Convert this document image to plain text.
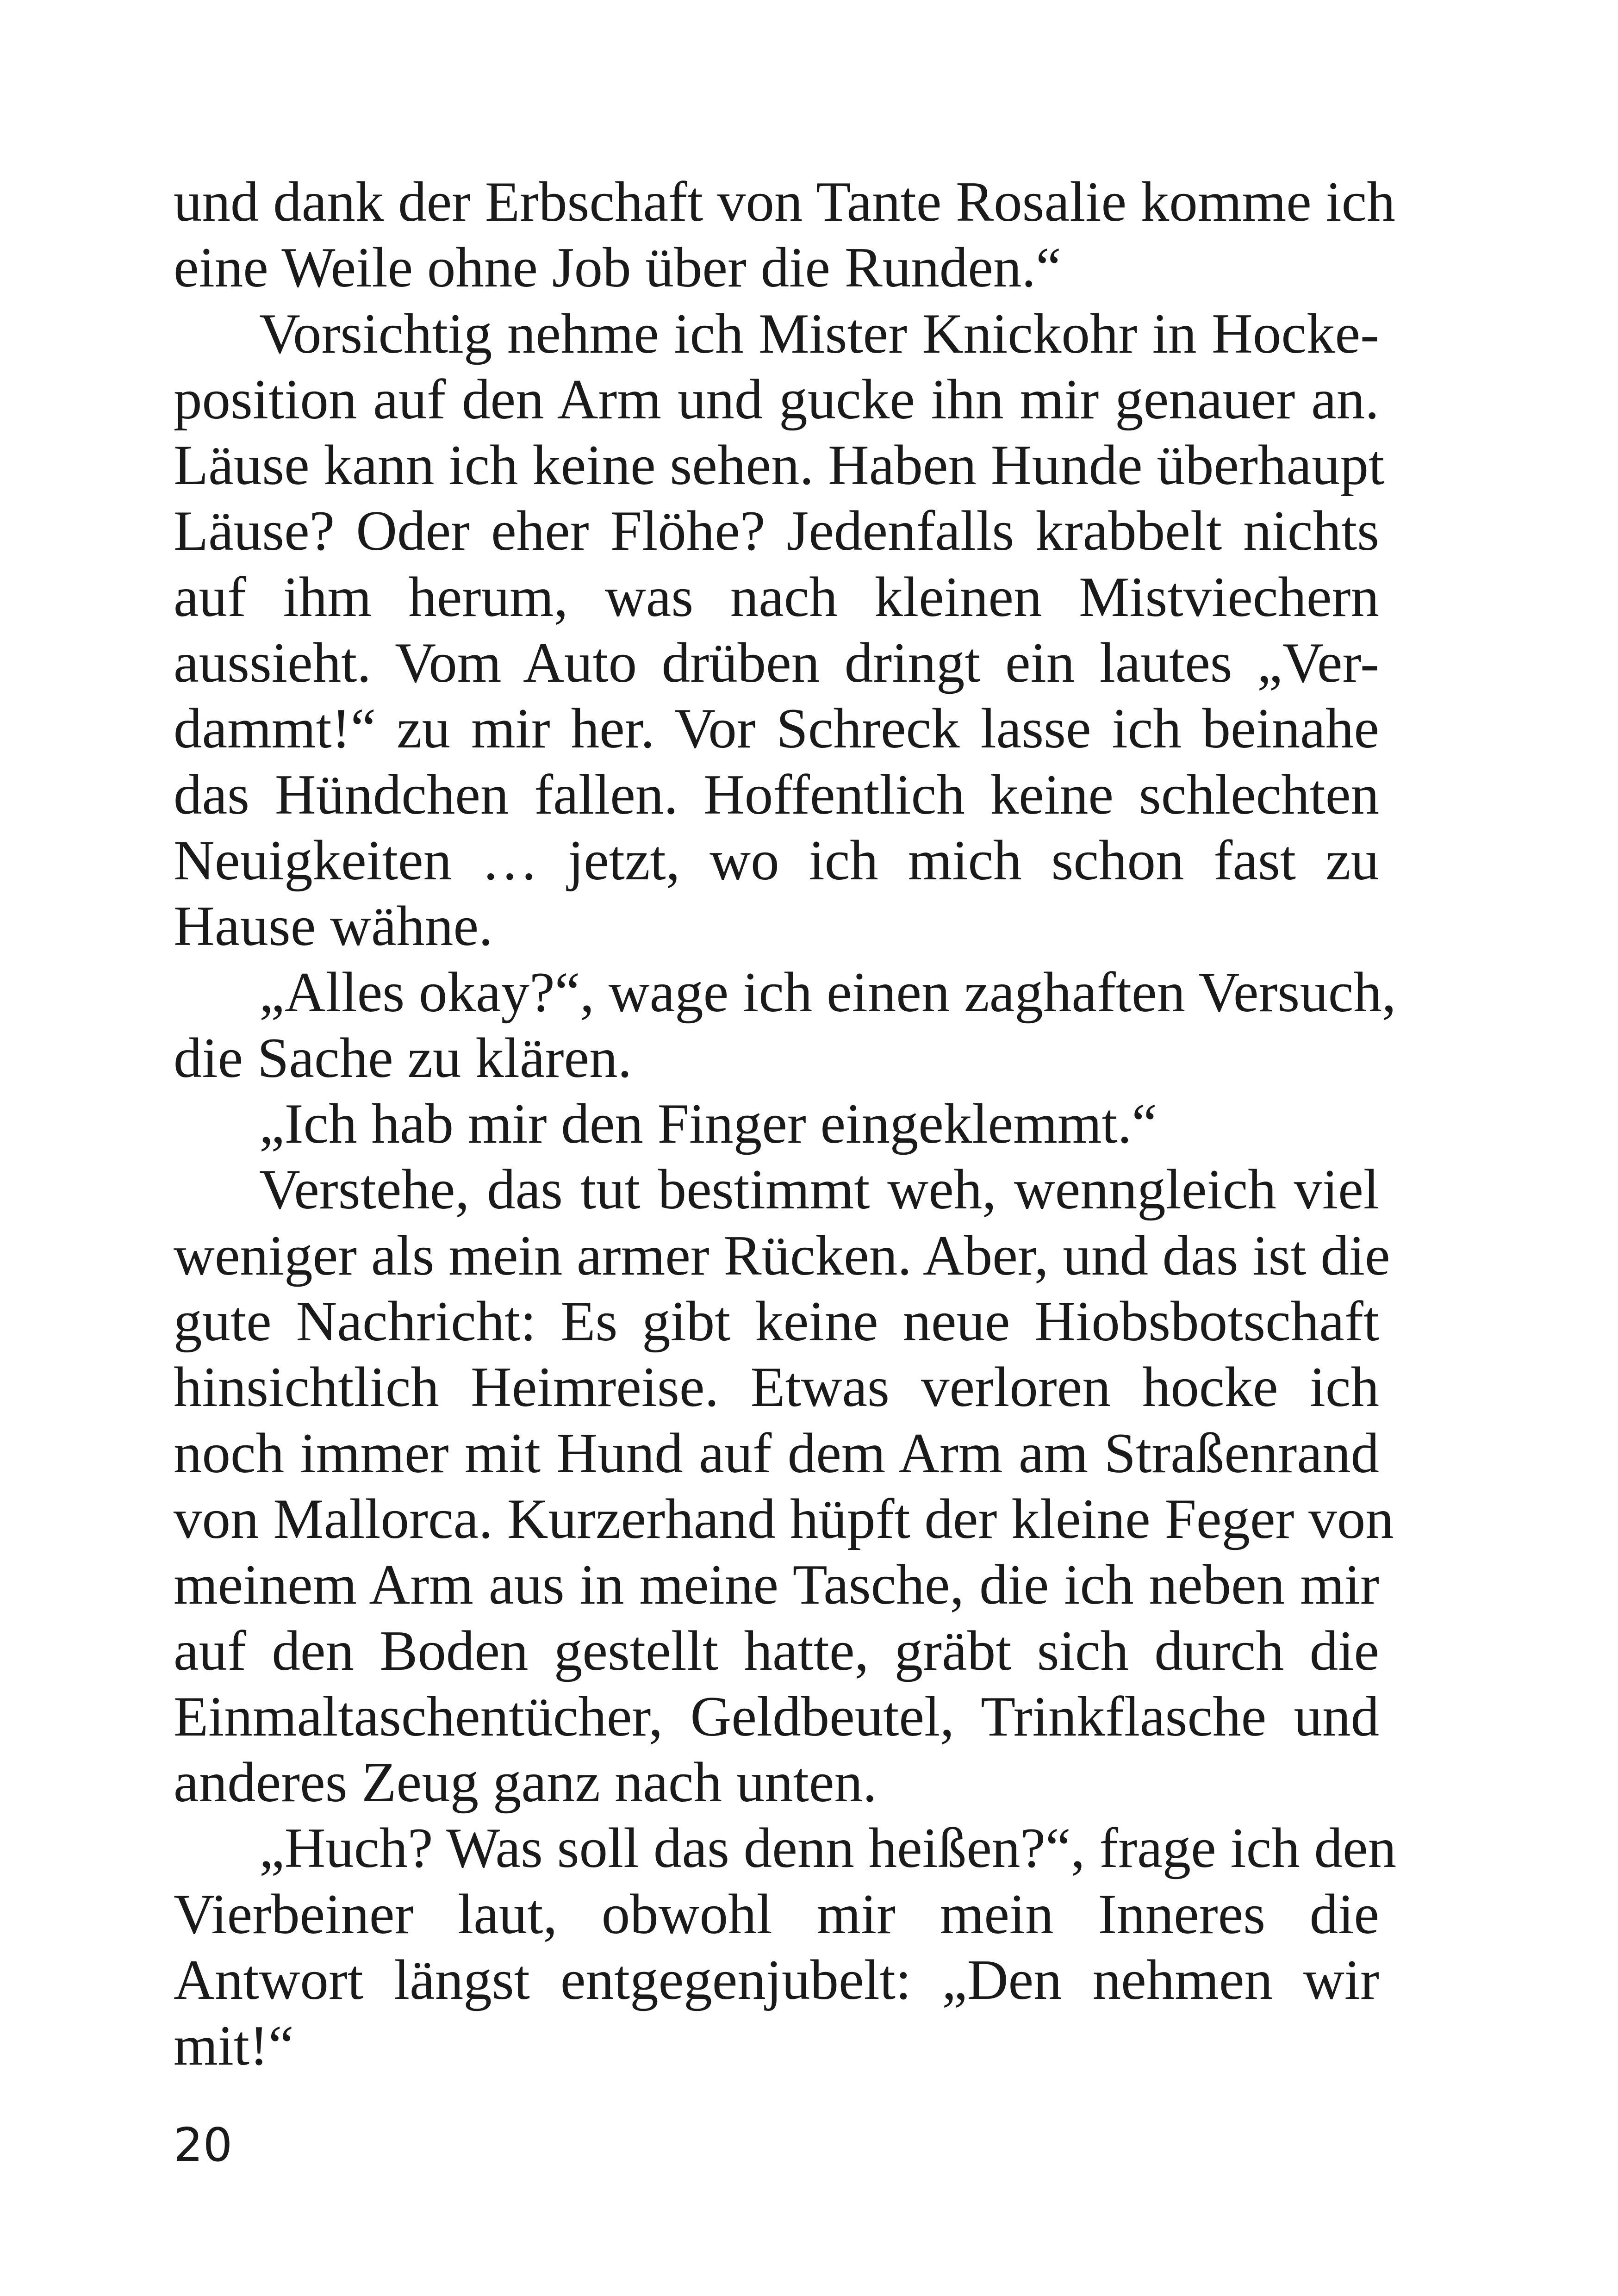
und dank der Erbschaft von Tante Rosalie komme ich
eine Weile ohne Job über die Runden.“
Vorsichtig nehme ich Mister Knickohr in Hocke-
position auf den Arm und gucke ihn mir genauer an.
Läuse kann ich keine sehen. Haben Hunde überhaupt
Läuse? Oder eher Flöhe? Jedenfalls krabbelt nichts
auf ihm herum, was nach kleinen Mistviechern
aussieht. Vom Auto drüben dringt ein lautes „Ver-
dammt!“ zu mir her. Vor Schreck lasse ich beinahe
das Hündchen fallen. Hoffentlich keine schlechten
Neuigkeiten … jetzt, wo ich mich schon fast zu
Hause wähne.
„Alles okay?“, wage ich einen zaghaften Versuch,
die Sache zu klären.
„Ich hab mir den Finger eingeklemmt.“
Verstehe, das tut bestimmt weh, wenngleich viel
weniger als mein armer Rücken. Aber, und das ist die
gute Nachricht: Es gibt keine neue Hiobsbotschaft
hinsichtlich Heimreise. Etwas verloren hocke ich
noch immer mit Hund auf dem Arm am Straßenrand
von Mallorca. Kurzerhand hüpft der kleine Feger von
meinem Arm aus in meine Tasche, die ich neben mir
auf den Boden gestellt hatte, gräbt sich durch die
Einmaltaschentücher, Geldbeutel, Trinkflasche und
anderes Zeug ganz nach unten.
„Huch? Was soll das denn heißen?“, frage ich den
Vierbeiner laut, obwohl mir mein Inneres die
Antwort längst entgegenjubelt: „Den nehmen wir
mit!“
20
